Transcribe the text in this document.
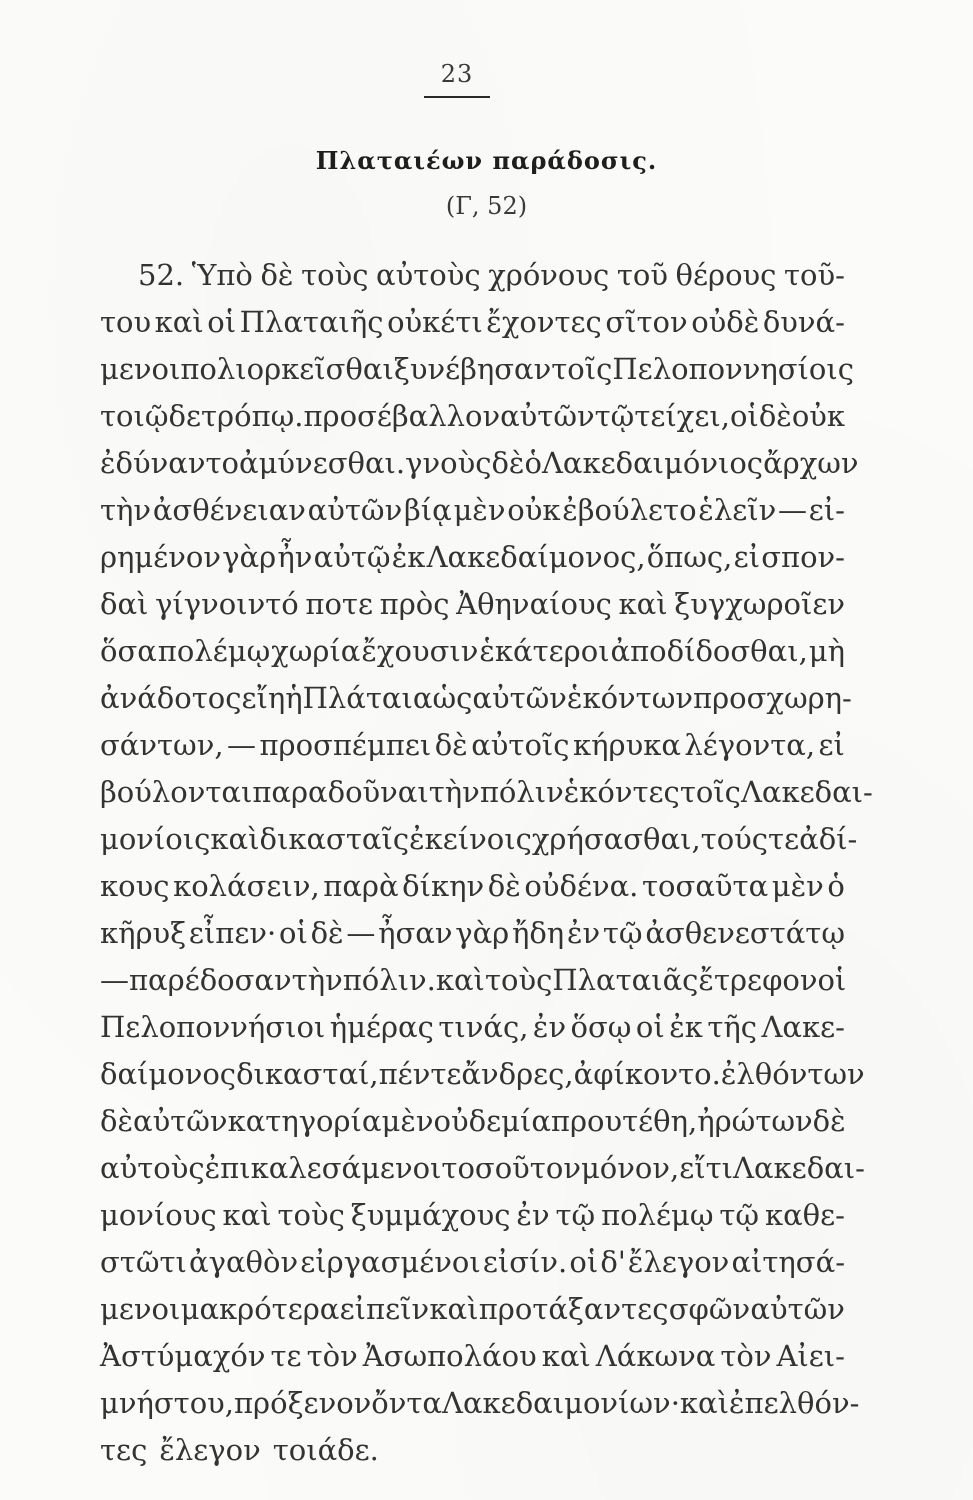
23
Πλαταιέων παράδοσις.
(Γ, 52)
52. Ὑπὸ δὲ τοὺς αὐτοὺς χρόνους τοῦ θέρους τοῦ-
του καὶ οἱ Πλαταιῆς οὐκέτι ἔχοντες σῖτον οὐδὲ δυνά-
μενοι πολιορκεῖσθαι ξυνέβησαν τοῖς Πελοποννησίοις
τοιῷδε τρόπῳ. προσέβαλλον αὐτῶν τῷ τείχει, οἱ δὲ οὐκ
ἐδύναντο ἀμύνεσθαι. γνοὺς δὲ ὁ Λακεδαιμόνιος ἄρχων
τὴν ἀσθένειαν αὐτῶν βίᾳ μὲν οὐκ ἐβούλετο ἑλεῖν — εἰ-
ρημένον γὰρ ἦν αὐτῷ ἐκ Λακεδαίμονος, ὅπως, εἰ σπον-
δαὶ γίγνοιντό ποτε πρὸς Ἀθηναίους καὶ ξυγχωροῖεν
ὅσα πολέμῳ χωρία ἔχουσιν ἑκάτεροι ἀποδίδοσθαι, μὴ
ἀνάδοτος εἴη ἡ Πλάταια ὡς αὐτῶν ἑκόντων προσχωρη-
σάντων, — προσπέμπει δὲ αὐτοῖς κήρυκα λέγοντα, εἰ
βούλονται παραδοῦναι τὴν πόλιν ἑκόντες τοῖς Λακεδαι-
μονίοις καὶ δικασταῖς ἐκείνοις χρήσασθαι, τούς τε ἀδί-
κους κολάσειν, παρὰ δίκην δὲ οὐδένα. τοσαῦτα μὲν ὁ
κῆρυξ εἶπεν· οἱ δὲ — ἦσαν γὰρ ἤδη ἐν τῷ ἀσθενεστάτῳ
— παρέδοσαν τὴν πόλιν. καὶ τοὺς Πλαταιᾶς ἔτρεφον οἱ
Πελοποννήσιοι ἡμέρας τινάς, ἐν ὅσῳ οἱ ἐκ τῆς Λακε-
δαίμονος δικασταί, πέντε ἄνδρες, ἀφίκοντο. ἐλθόντων
δὲ αὐτῶν κατηγορία μὲν οὐδεμία προυτέθη, ἠρώτων δὲ
αὐτοὺς ἐπικαλεσάμενοι τοσοῦτον μόνον, εἴ τι Λακεδαι-
μονίους καὶ τοὺς ξυμμάχους ἐν τῷ πολέμῳ τῷ καθε-
στῶτι ἀγαθὸν εἰργασμένοι εἰσίν. οἱ δ' ἔλεγον αἰτησά-
μενοι μακρότερα εἰπεῖν καὶ προτάξαντες σφῶν αὐτῶν
Ἀστύμαχόν τε τὸν Ἀσωπολάου καὶ Λάκωνα τὸν Αἰει-
μνήστου, πρόξενον ὄντα Λακεδαιμονίων· καὶ ἐπελθόν-
τες ἔλεγον τοιάδε.
